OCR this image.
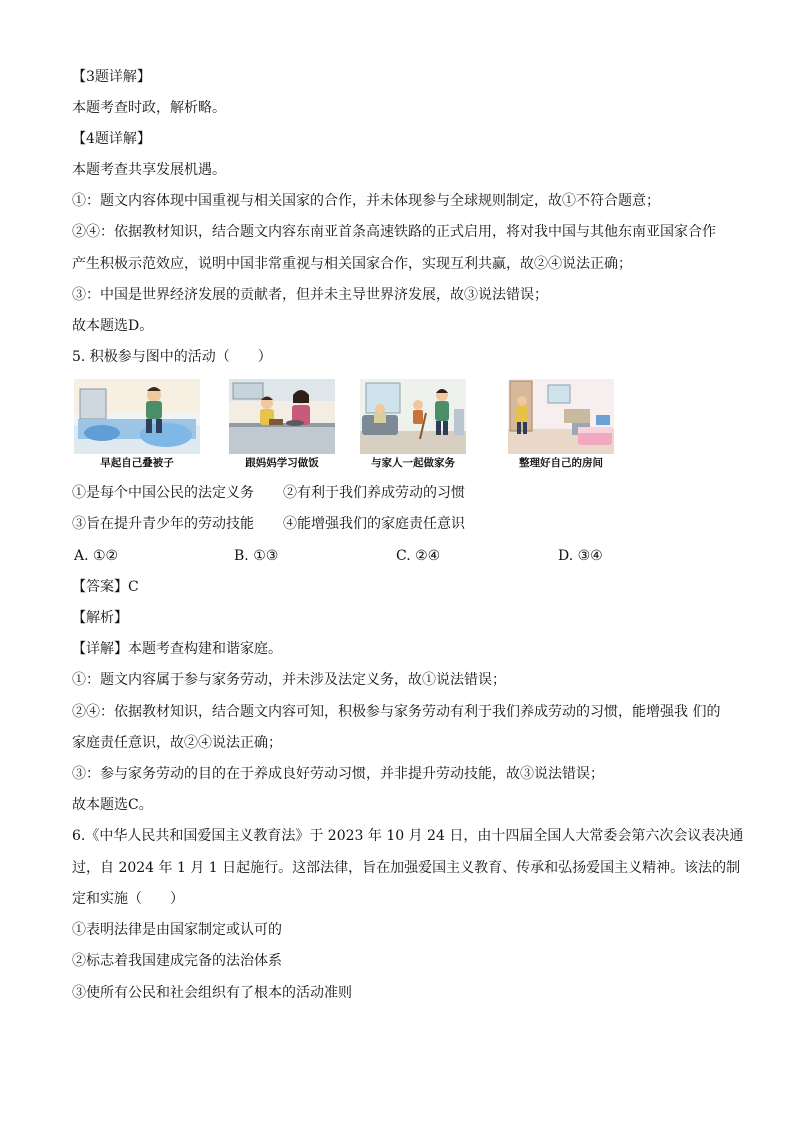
【3题详解】
本题考查时政，解析略。
【4题详解】
本题考查共享发展机遇。
①：题文内容体现中国重视与相关国家的合作，并未体现参与全球规则制定，故①不符合题意；
②④：依据教材知识，结合题文内容东南亚首条高速铁路的正式启用，将对我中国与其他东南亚国家合作
产生积极示范效应，说明中国非常重视与相关国家合作，实现互利共赢，故②④说法正确；
③：中国是世界经济发展的贡献者，但并未主导世界济发展，故③说法错误；
故本题选D。
5. 积极参与图中的活动（　　）
早起自己叠被子	跟妈妈学习做饭	与家人一起做家务	整理好自己的房间
①是每个中国公民的法定义务 ②有利于我们养成劳动的习惯
③旨在提升青少年的劳动技能 ④能增强我们的家庭责任意识
A. ①②	B. ①③	C. ②④	D. ③④
【答案】C
【解析】
【详解】本题考查构建和谐家庭。
①：题文内容属于参与家务劳动，并未涉及法定义务，故①说法错误；
②④：依据教材知识，结合题文内容可知，积极参与家务劳动有利于我们养成劳动的习惯，能增强我 们的
家庭责任意识，故②④说法正确；
③：参与家务劳动的目的在于养成良好劳动习惯，并非提升劳动技能，故③说法错误；
故本题选C。
6.《中华人民共和国爱国主义教育法》于 2023 年 10 月 24 日，由十四届全国人大常委会第六次会议表决通
过，自 2024 年 1 月 1 日起施行。这部法律，旨在加强爱国主义教育、传承和弘扬爱国主义精神。该法的制
定和实施（　　）
①表明法律是由国家制定或认可的
②标志着我国建成完备的法治体系
③使所有公民和社会组织有了根本的活动准则
